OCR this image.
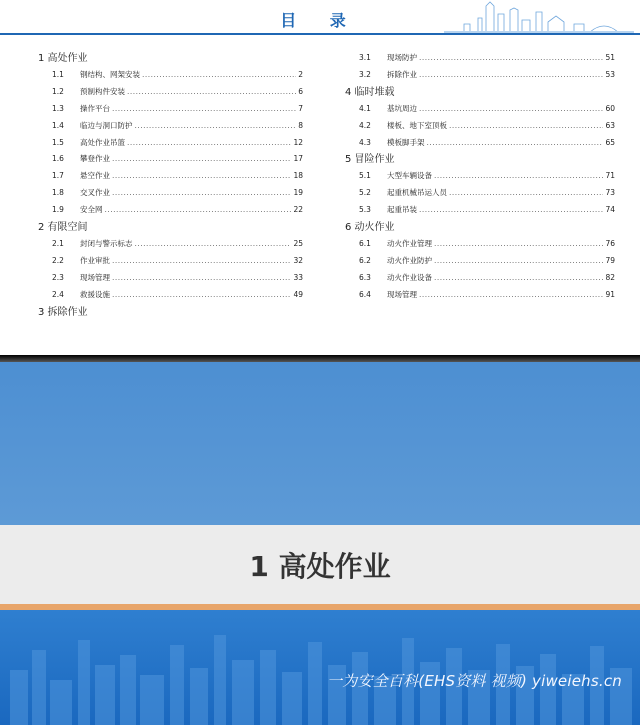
目 录
1 高处作业
1.1	钢结构、网架安装 .....	2
1.2	预制构件安装 .....	6
1.3	操作平台 .....	7
1.4	临边与洞口防护 .....	8
1.5	高处作业吊篮 .....	12
1.6	攀登作业 .....	17
1.7	悬空作业 .....	18
1.8	交叉作业 .....	19
1.9	安全网 .....	22
2 有限空间
2.1	封闭与警示标志 .....	25
2.2	作业审批 .....	32
2.3	现场管理 .....	33
2.4	救援设施 .....	49
3 拆除作业
3.1	现场防护 .....	51
3.2	拆除作业 .....	53
4 临时堆载
4.1	基坑周边 .....	60
4.2	楼板、地下室顶板 .....	63
4.3	模板脚手架 .....	65
5 冒险作业
5.1	大型车辆设备 .....	71
5.2	起重机械吊运人员 .....	73
5.3	起重吊装 .....	74
6 动火作业
6.1	动火作业管理 .....	76
6.2	动火作业防护 .....	79
6.3	动火作业设备 .....	82
6.4	现场管理 .....	91
1 高处作业
一为安全百科(EHS资料 视频) yiweiehs.cn
